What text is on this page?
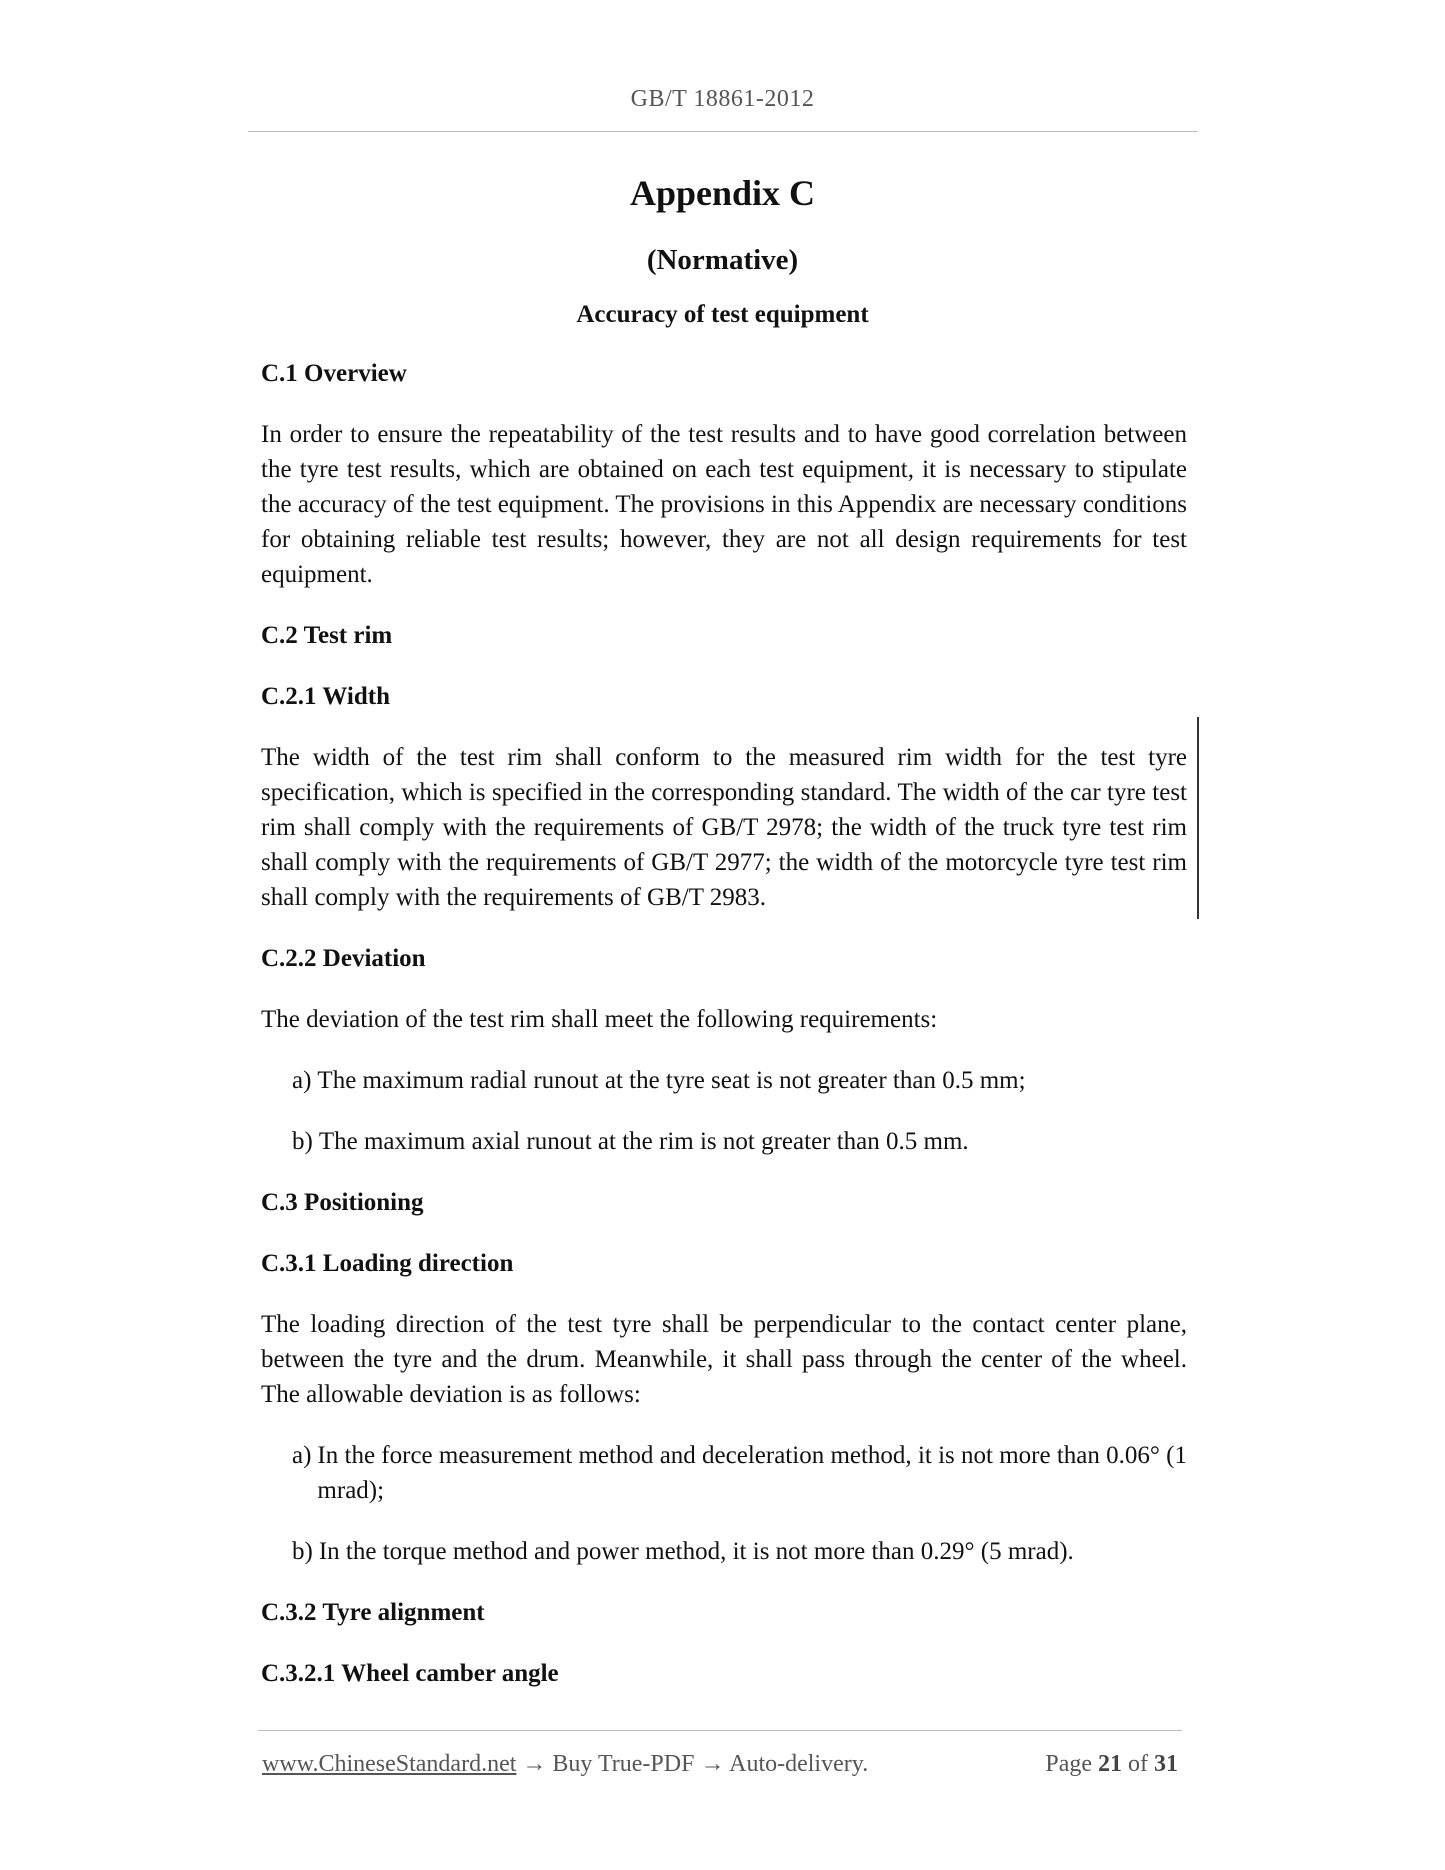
GB/T 18861-2012
Appendix C
(Normative)
Accuracy of test equipment

C.1 Overview

In order to ensure the repeatability of the test results and to have good correlation between the tyre test results, which are obtained on each test equipment, it is necessary to stipulate the accuracy of the test equipment. The provisions in this Appendix are necessary conditions for obtaining reliable test results; however, they are not all design requirements for test equipment.

C.2 Test rim

C.2.1 Width

The width of the test rim shall conform to the measured rim width for the test tyre specification, which is specified in the corresponding standard. The width of the car tyre test rim shall comply with the requirements of GB/T 2978; the width of the truck tyre test rim shall comply with the requirements of GB/T 2977; the width of the motorcycle tyre test rim shall comply with the requirements of GB/T 2983.

C.2.2 Deviation

The deviation of the test rim shall meet the following requirements:

a) The maximum radial runout at the tyre seat is not greater than 0.5 mm;
b) The maximum axial runout at the rim is not greater than 0.5 mm.

C.3 Positioning

C.3.1 Loading direction

The loading direction of the test tyre shall be perpendicular to the contact center plane, between the tyre and the drum. Meanwhile, it shall pass through the center of the wheel. The allowable deviation is as follows:

a) In the force measurement method and deceleration method, it is not more than 0.06° (1 mrad);
b) In the torque method and power method, it is not more than 0.29° (5 mrad).

C.3.2 Tyre alignment

C.3.2.1 Wheel camber angle

www.ChineseStandard.net → Buy True-PDF → Auto-delivery.	Page 21 of 31
